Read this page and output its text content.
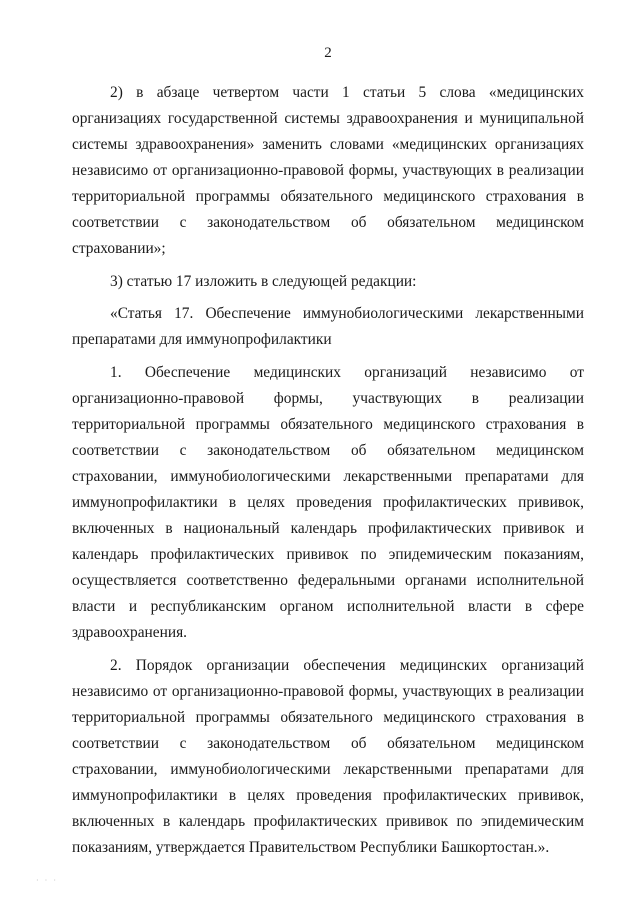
2

2) в абзаце четвертом части 1 статьи 5 слова «медицинских организациях государственной системы здравоохранения и муниципальной системы здравоохранения» заменить словами «медицинских организациях независимо от организационно-правовой формы, участвующих в реализации территориальной программы обязательного медицинского страхования в соответствии с законодательством об обязательном медицинском страховании»;

3) статью 17 изложить в следующей редакции:

«Статья 17. Обеспечение иммунобиологическими лекарственными препаратами для иммунопрофилактики

1. Обеспечение медицинских организаций независимо от организационно-правовой формы, участвующих в реализации территориальной программы обязательного медицинского страхования в соответствии с законодательством об обязательном медицинском страховании, иммунобиологическими лекарственными препаратами для иммунопрофилактики в целях проведения профилактических прививок, включенных в национальный календарь профилактических прививок и календарь профилактических прививок по эпидемическим показаниям, осуществляется соответственно федеральными органами исполнительной власти и республиканским органом исполнительной власти в сфере здравоохранения.

2. Порядок организации обеспечения медицинских организаций независимо от организационно-правовой формы, участвующих в реализации территориальной программы обязательного медицинского страхования в соответствии с законодательством об обязательном медицинском страховании, иммунобиологическими лекарственными препаратами для иммунопрофилактики в целях проведения профилактических прививок, включенных в календарь профилактических прививок по эпидемическим показаниям, утверждается Правительством Республики Башкортостан.».

· · ·
